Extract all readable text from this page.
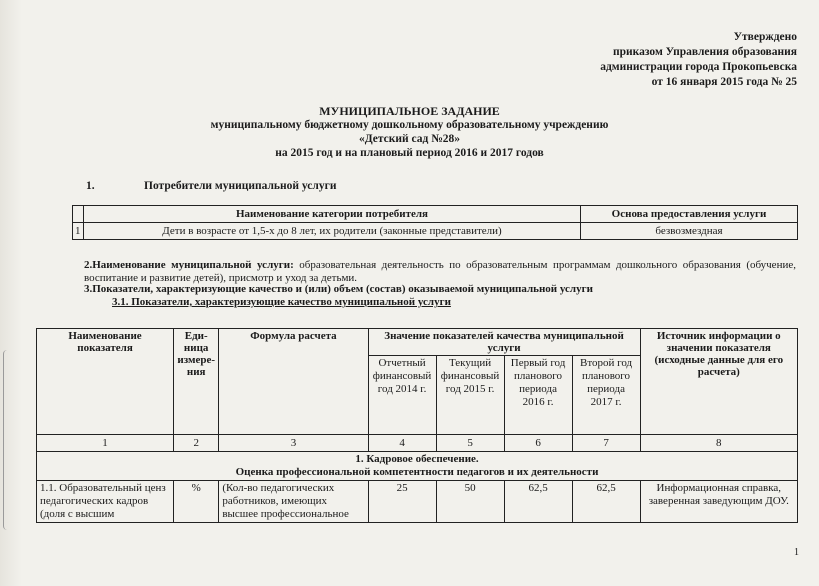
Утверждено
приказом Управления образования
администрации города Прокопьевска
от 16 января 2015 года № 25
МУНИЦИПАЛЬНОЕ ЗАДАНИЕ
муниципальному бюджетному дошкольному образовательному учреждению
«Детский сад №28»
на 2015 год и на плановый период 2016 и 2017 годов
1.	Потребители муниципальной услуги
	Наименование категории потребителя	Основа предоставления услуги
1	Дети в возрасте от 1,5-х до 8 лет, их родители (законные представители)	безвозмездная
2.Наименование муниципальной услуги: образовательная деятельность по образовательным программам дошкольного образования (обучение, воспитание и развитие детей), присмотр и уход за детьми.
3.Показатели, характеризующие качество и (или) объем (состав) оказываемой муниципальной услуги
3.1. Показатели, характеризующие качество муниципальной услуги
Наименование показателя	Еди-ница измере-ния	Формула расчета	Значение показателей качества муниципальной услуги				Источник информации о значении показателя (исходные данные для его расчета)
			Отчетный финансовый год 2014 г.	Текущий финансовый год 2015 г.	Первый год планового периода 2016 г.	Второй год планового периода 2017 г.	
1	2	3	4	5	6	7	8

1. Кадровое обеспечение.
Оценка профессиональной компетентности педагогов и их деятельности							

1.1. Образовательный ценз педагогических кадров (доля с высшим	%	(Кол-во педагогических работников, имеющих высшее профессиональное	25	50	62,5	62,5	Информационная справка, заверенная заведующим ДОУ.
1
